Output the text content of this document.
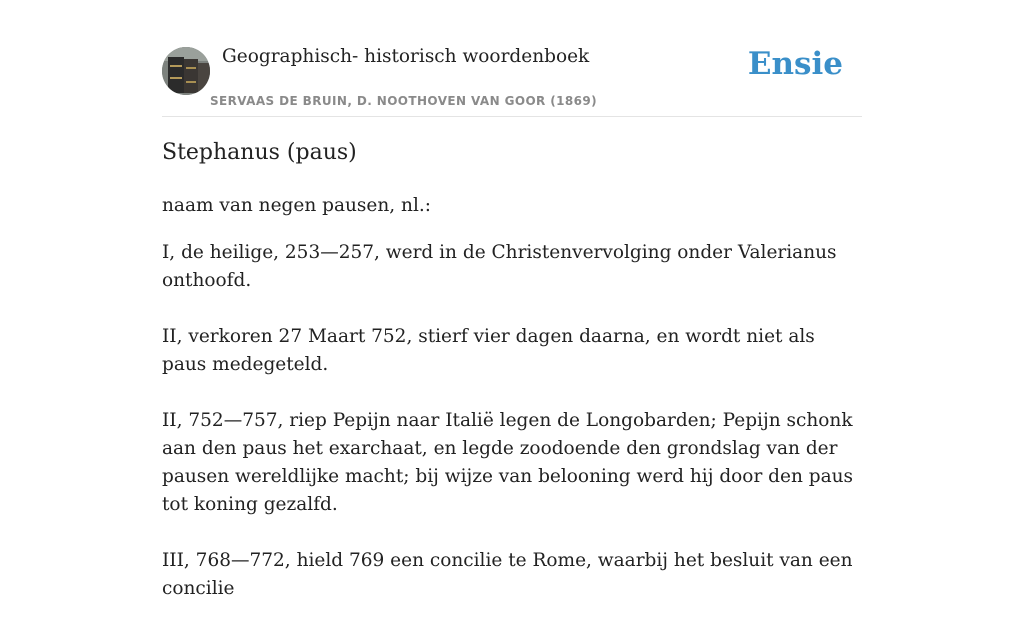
Geographisch- historisch woordenboek
SERVAAS DE BRUIN, D. NOOTHOVEN VAN GOOR (1869)
Ensie
Stephanus (paus)

naam van negen pausen, nl.:

I, de heilige, 253—257, werd in de Christenvervolging onder Valerianus onthoofd.

II, verkoren 27 Maart 752, stierf vier dagen daarna, en wordt niet als paus medegeteld.

II, 752—757, riep Pepijn naar Italië legen de Longobarden; Pepijn schonk aan den paus het exarchaat, en legde zoodoende den grondslag van der pausen wereldlijke macht; bij wijze van belooning werd hij door den paus tot koning gezalfd.

III, 768—772, hield 769 een concilie te Rome, waarbij het besluit van een concilie
